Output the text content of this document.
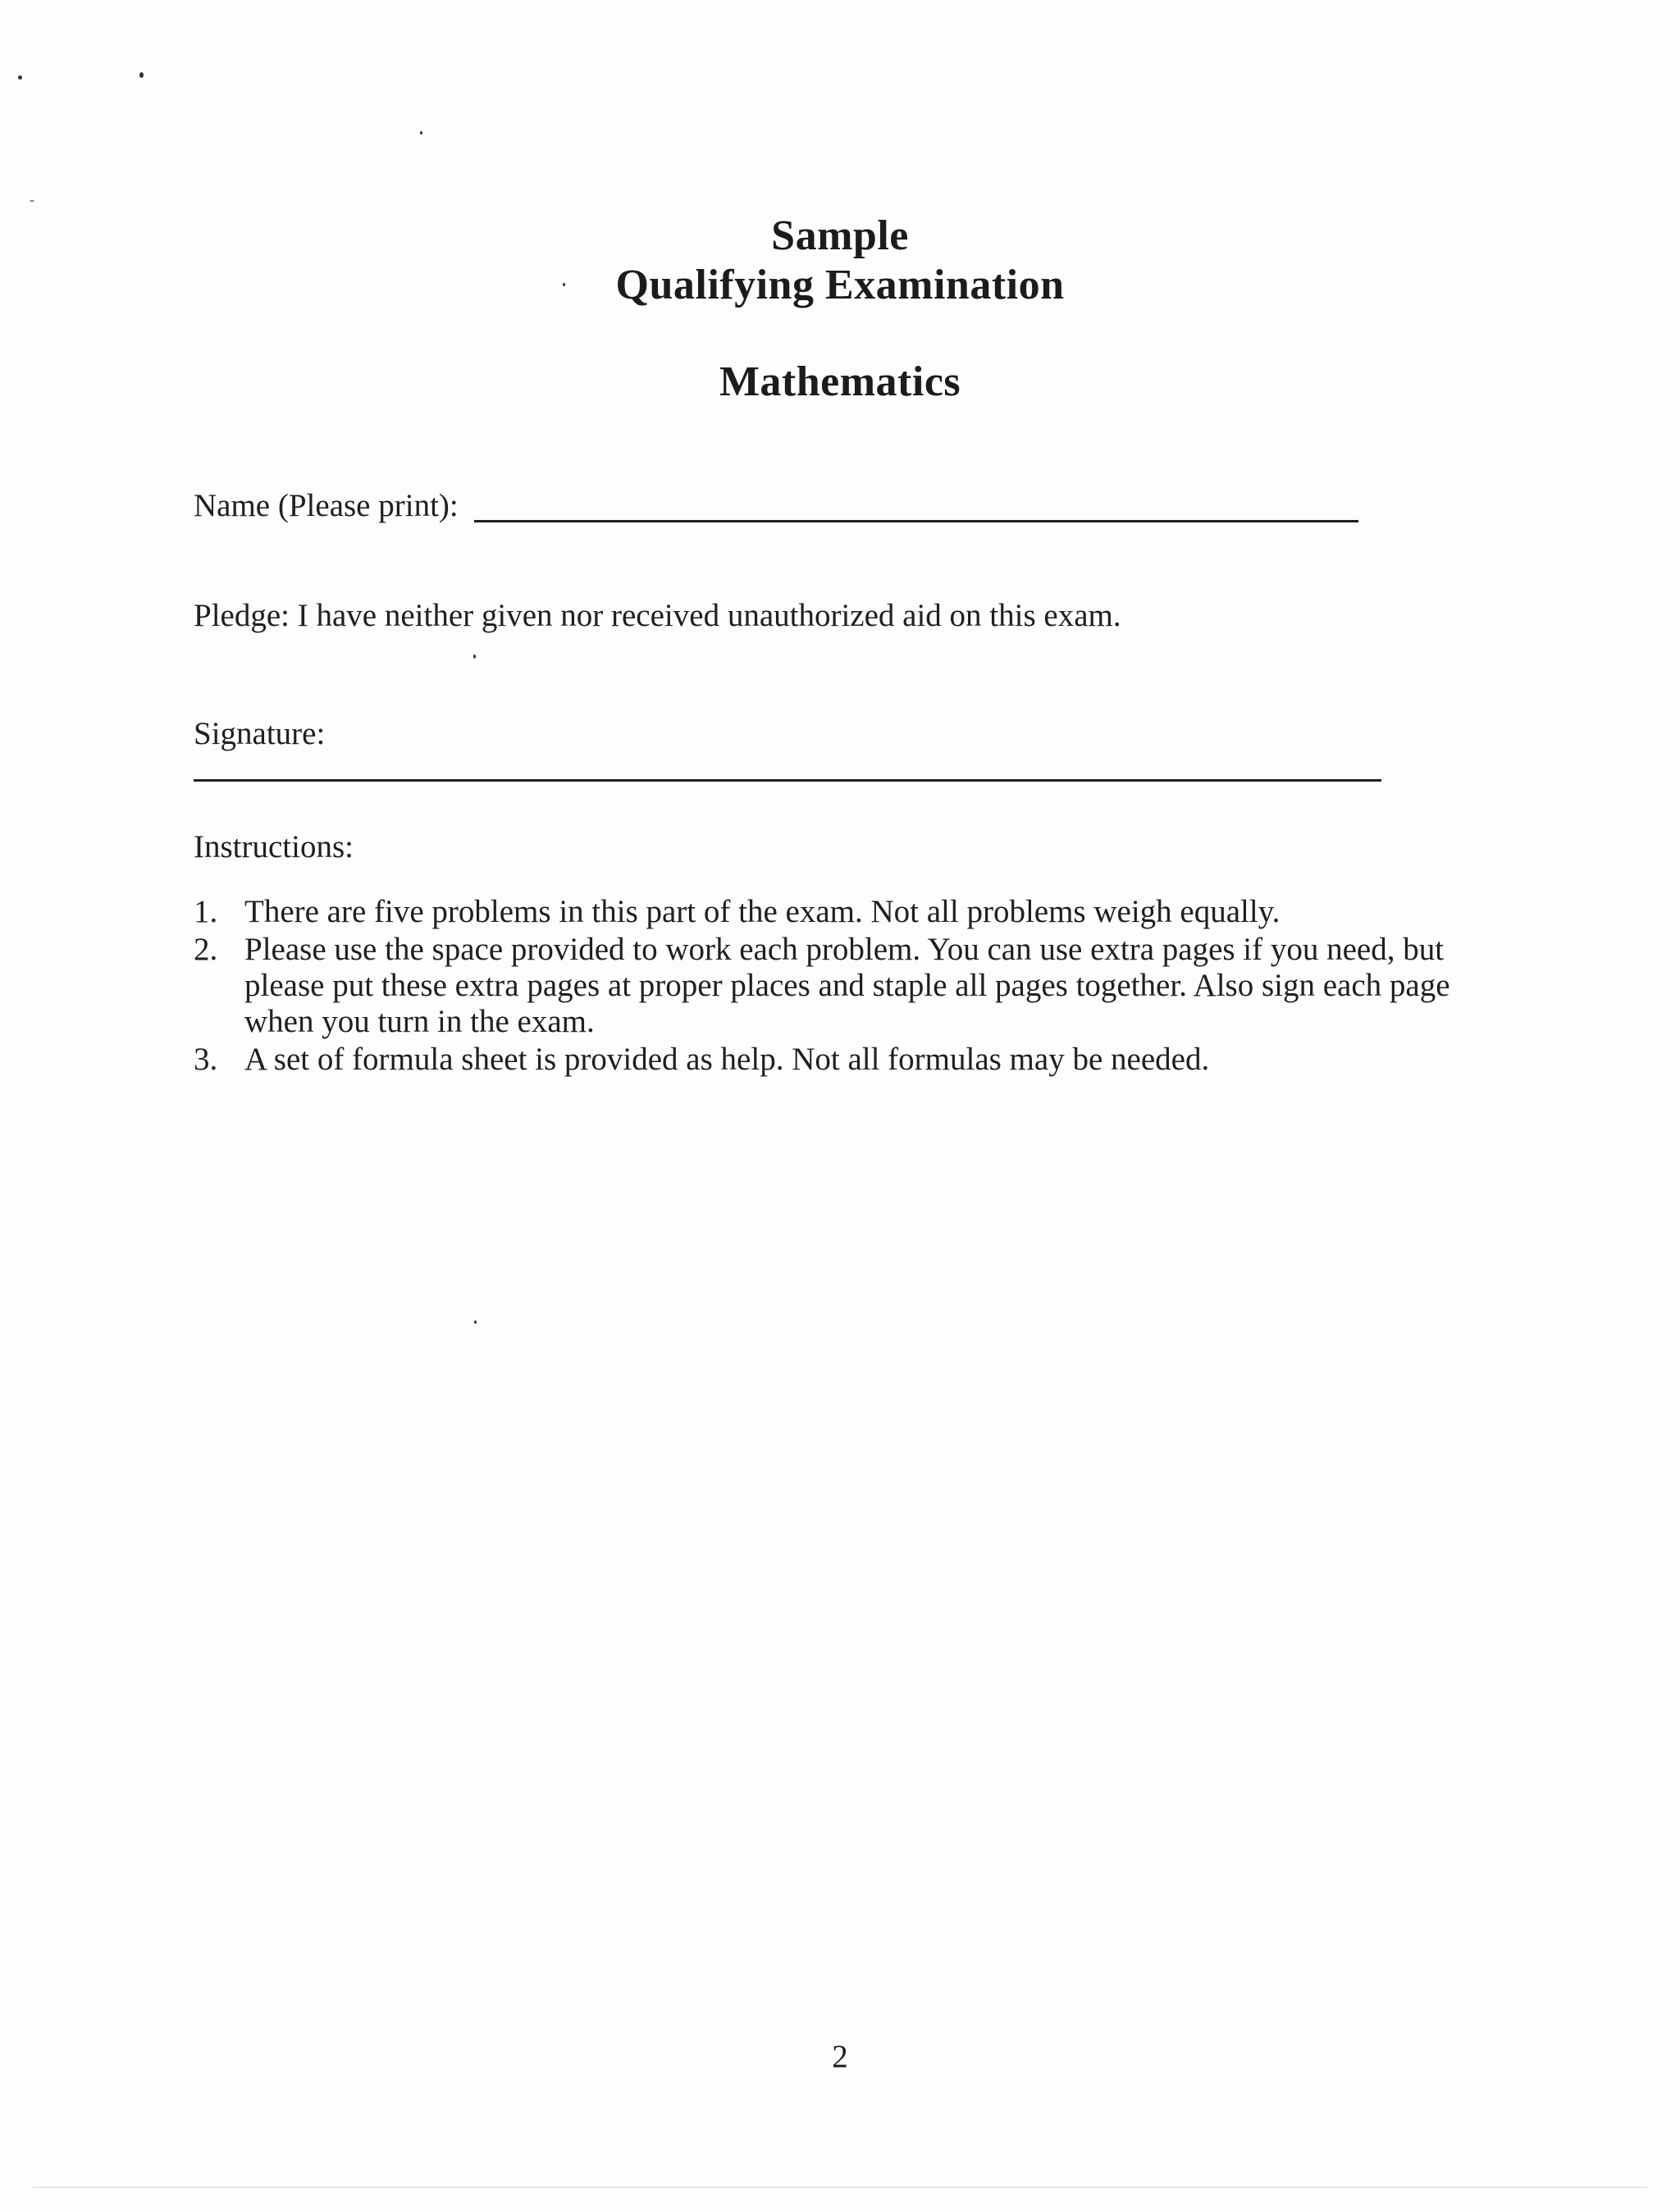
Sample
Qualifying Examination
Mathematics
Name (Please print):
Pledge: I have neither given nor received unauthorized aid on this exam.
Signature:
Instructions:
1. There are five problems in this part of the exam. Not all problems weigh equally.
2. Please use the space provided to work each problem. You can use extra pages if you need, but please put these extra pages at proper places and staple all pages together. Also sign each page when you turn in the exam.
3. A set of formula sheet is provided as help. Not all formulas may be needed.
2
